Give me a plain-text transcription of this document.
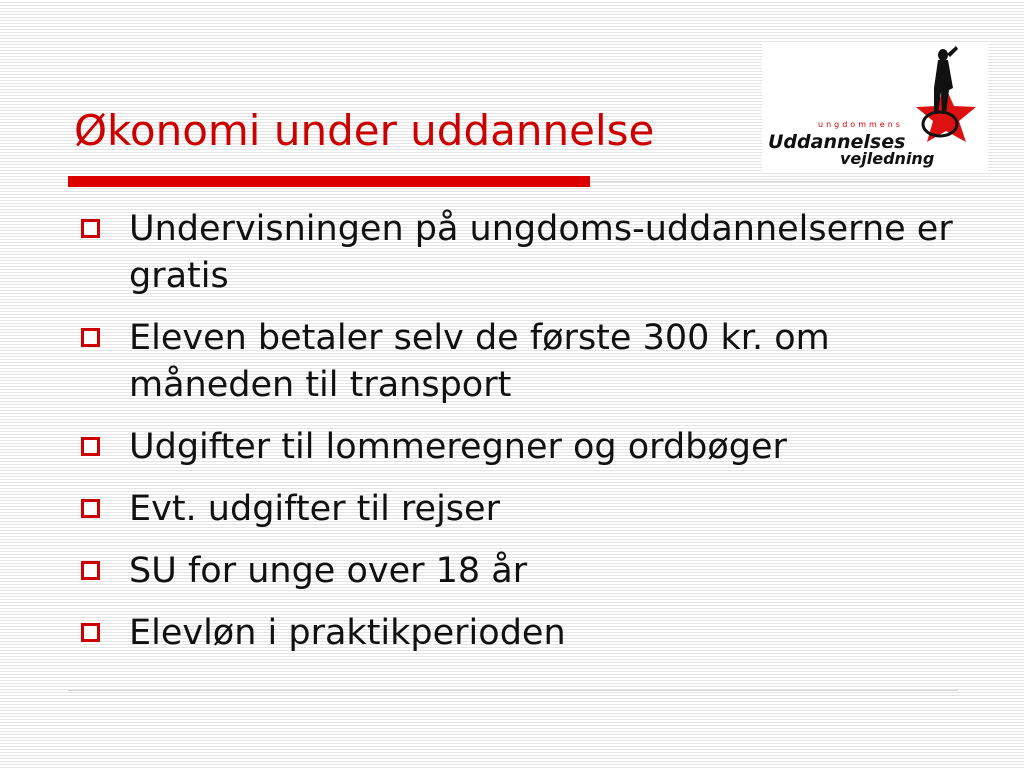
Økonomi under uddannelse	ungdommens
Uddannelses
vejledning
Undervisningen på ungdoms-uddannelserne er gratis
Eleven betaler selv de første 300 kr. om måneden til transport
Udgifter til lommeregner og ordbøger
Evt. udgifter til rejser
SU for unge over 18 år
Elevløn i praktikperioden
